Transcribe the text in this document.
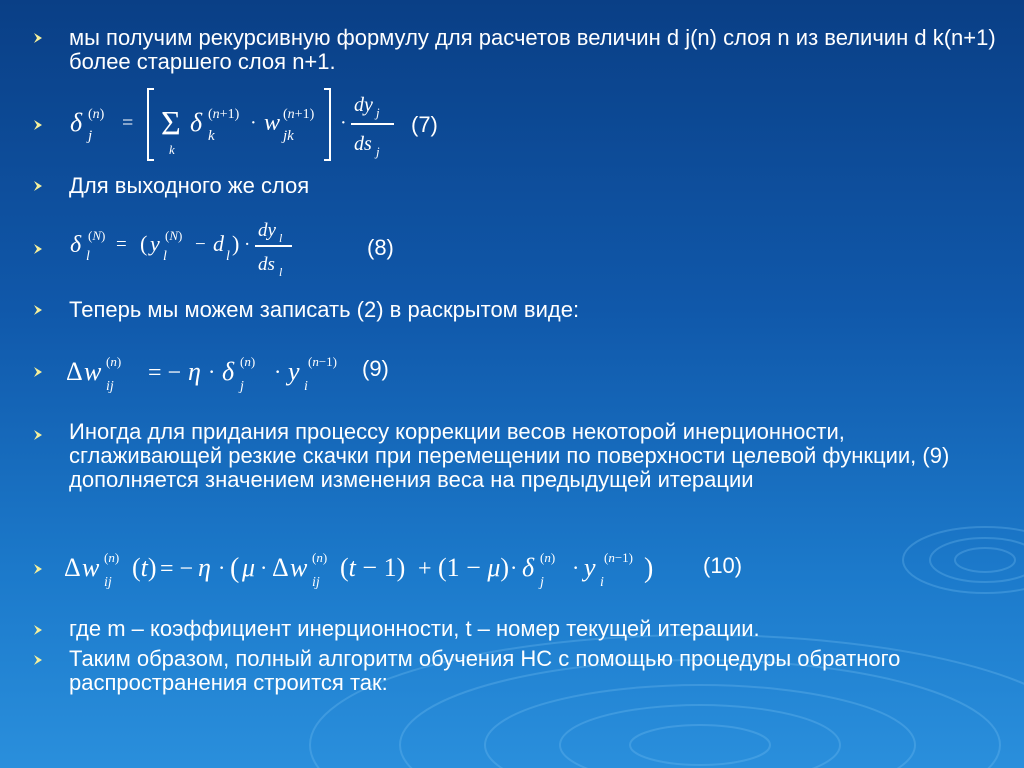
мы получим рекурсивную формулу для расчетов величин d j(n) слоя n из величин d k(n+1) более старшего слоя n+1.
δ j
(n) = Σ
k
δ k
(n+1) · w jk
(n+1) ·
dy j
ds j
(7)
Для выходного же слоя
δ l
(N) = ( y
l
(N) − d
l
) ·
dy l
ds l
(8)
Теперь мы можем записать (2) в раскрытом виде:
Δ w
ij
(n) = − η · δ
j
(n) · y
i
(n−1) (9)
Иногда для придания процессу коррекции весов некоторой инерционности, сглаживающей резкие скачки при перемещении по поверхности целевой функции, (9) дополняется значением изменения веса на предыдущей итерации
Δ w
ij
(n) (t) = − η · ( μ · Δ w
ij
(n) (t − 1) + (1 − μ) · δ
j
(n) · y
i
(n−1) ) (10)
где m – коэффициент инерционности, t – номер текущей итерации.
Таким образом, полный алгоритм обучения НС с помощью процедуры обратного распространения строится так:
